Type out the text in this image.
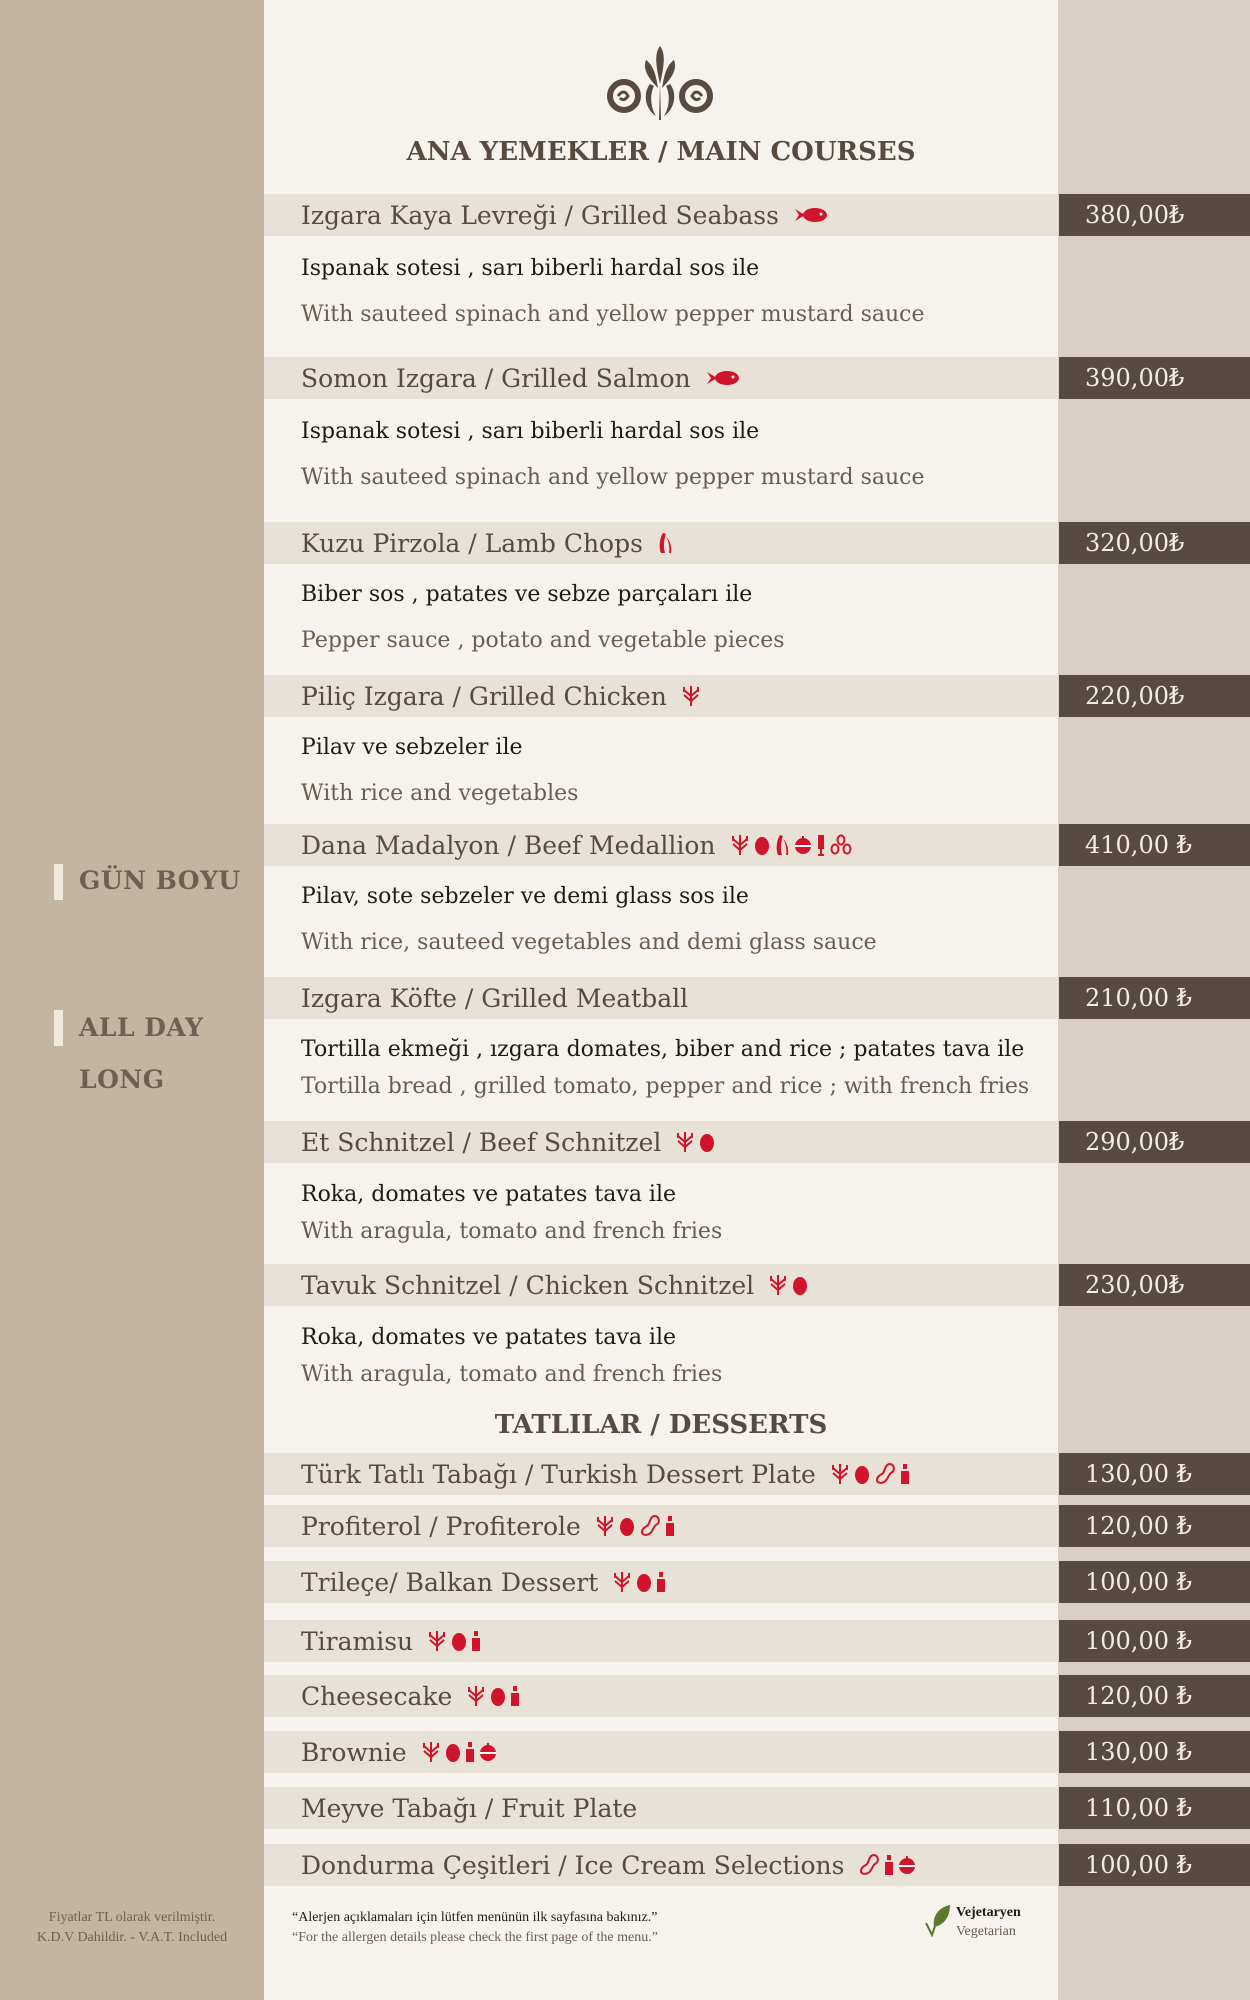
GÜN BOYU
ALL DAY
LONG
ANA YEMEKLER / MAIN COURSES
Izgara Kaya Levreği / Grilled Seabass	380,00₺
Ispanak sotesi , sarı biberli hardal sos ile
With sauteed spinach and yellow pepper mustard sauce
Somon Izgara / Grilled Salmon	390,00₺
Ispanak sotesi , sarı biberli hardal sos ile
With sauteed spinach and yellow pepper mustard sauce
Kuzu Pirzola / Lamb Chops	320,00₺
Biber sos , patates ve sebze parçaları ile
Pepper sauce , potato and vegetable pieces
Piliç Izgara / Grilled Chicken	220,00₺
Pilav ve sebzeler ile
With rice and vegetables
Dana Madalyon / Beef Medallion	410,00 ₺
Pilav, sote sebzeler ve demi glass sos ile
With rice, sauteed vegetables and demi glass sauce
Izgara Köfte / Grilled Meatball	210,00 ₺
Tortilla ekmeği , ızgara domates, biber and rice ; patates tava ile
Tortilla bread , grilled tomato, pepper and rice ; with french fries
Et Schnitzel / Beef Schnitzel	290,00₺
Roka, domates ve patates tava ile
With aragula, tomato and french fries
Tavuk Schnitzel / Chicken Schnitzel	230,00₺
Roka, domates ve patates tava ile
With aragula, tomato and french fries
TATLILAR / DESSERTS
Türk Tatlı Tabağı / Turkish Dessert Plate	130,00 ₺
Profiterol / Profiterole	120,00 ₺
Trileçe/ Balkan Dessert	100,00 ₺
Tiramisu	100,00 ₺
Cheesecake	120,00 ₺
Brownie	130,00 ₺
Meyve Tabağı / Fruit Plate	110,00 ₺
Dondurma Çeşitleri / Ice Cream Selections	100,00 ₺
Fiyatlar TL olarak verilmiştir.
K.D.V Dahildir. - V.A.T. Included
“Alerjen açıklamaları için lütfen menünün ilk sayfasına bakınız.”
“For the allergen details please check the first page of the menu.”
Vejetaryen
Vegetarian
